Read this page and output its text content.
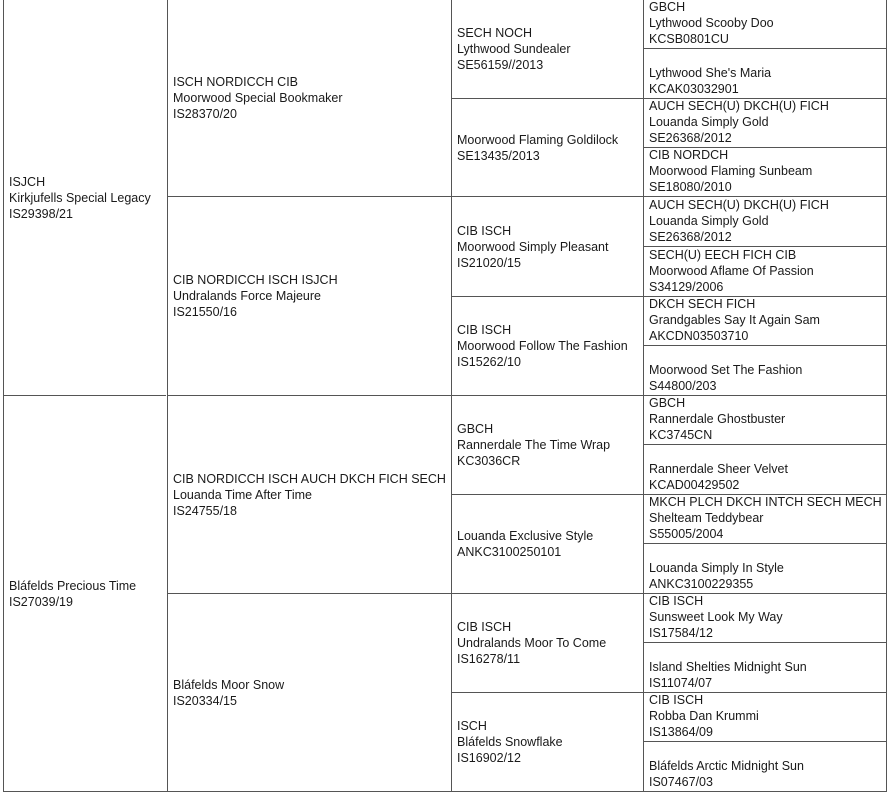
ISJCH
Kirkjufells Special Legacy
IS29398/21
Bláfelds Precious Time
IS27039/19
ISCH NORDICCH CIB
Moorwood Special Bookmaker
IS28370/20
CIB NORDICCH ISCH ISJCH
Undralands Force Majeure
IS21550/16
CIB NORDICCH ISCH AUCH DKCH FICH SECH
Louanda Time After Time
IS24755/18
Bláfelds Moor Snow
IS20334/15
SECH NOCH
Lythwood Sundealer
SE56159//2013
Moorwood Flaming Goldilock
SE13435/2013
CIB ISCH
Moorwood Simply Pleasant
IS21020/15
CIB ISCH
Moorwood Follow The Fashion
IS15262/10
GBCH
Rannerdale The Time Wrap
KC3036CR
Louanda Exclusive Style
ANKC3100250101
CIB ISCH
Undralands Moor To Come
IS16278/11
ISCH
Bláfelds Snowflake
IS16902/12
GBCH
Lythwood Scooby Doo
KCSB0801CU
Lythwood She's Maria
KCAK03032901
AUCH SECH(U) DKCH(U) FICH
Louanda Simply Gold
SE26368/2012
CIB NORDCH
Moorwood Flaming Sunbeam
SE18080/2010
AUCH SECH(U) DKCH(U) FICH
Louanda Simply Gold
SE26368/2012
SECH(U) EECH FICH CIB
Moorwood Aflame Of Passion
S34129/2006
DKCH SECH FICH
Grandgables Say It Again Sam
AKCDN03503710
Moorwood Set The Fashion
S44800/203
GBCH
Rannerdale Ghostbuster
KC3745CN
Rannerdale Sheer Velvet
KCAD00429502
MKCH PLCH DKCH INTCH SECH MECH
Shelteam Teddybear
S55005/2004
Louanda Simply In Style
ANKC3100229355
CIB ISCH
Sunsweet Look My Way
IS17584/12
Island Shelties Midnight Sun
IS11074/07
CIB ISCH
Robba Dan Krummi
IS13864/09
Bláfelds Arctic Midnight Sun
IS07467/03
